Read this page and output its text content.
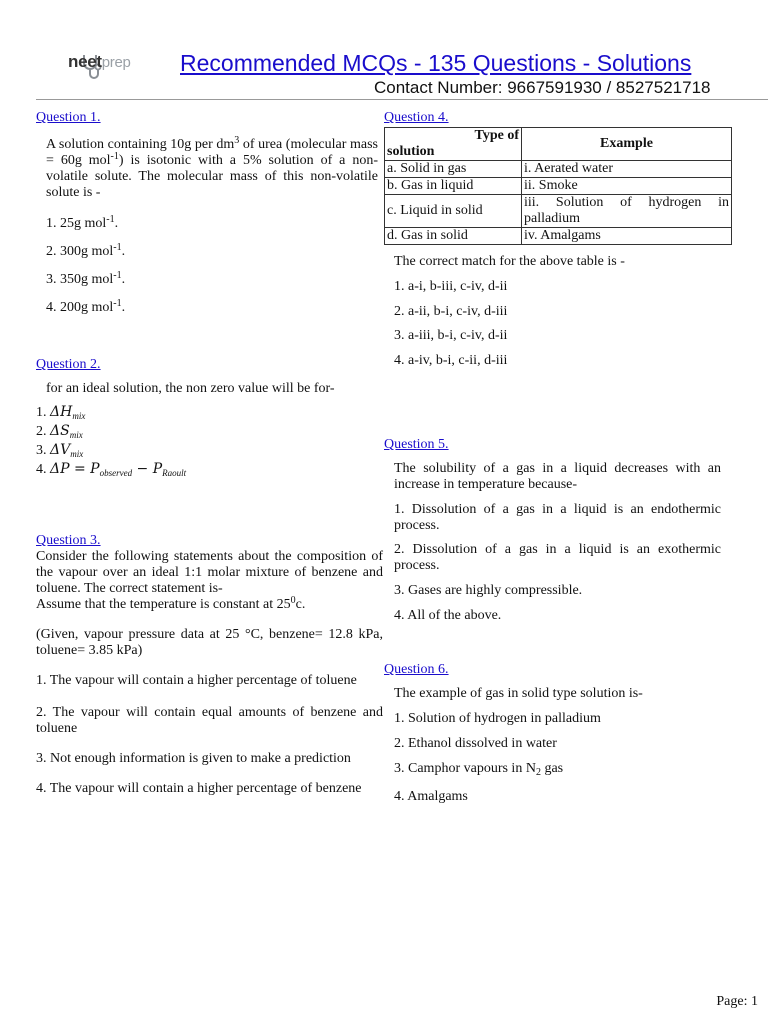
neetprep Recommended MCQs - 135 Questions - Solutions
Contact Number: 9667591930 / 8527521718
Question 1.
A solution containing 10g per $dm^3$ of urea (molecular mass = 60g mol$^{-1}$) is isotonic with a 5% solution of a non-volatile solute. The molecular mass of this non-volatile solute is -
1. 25g mol$^{-1}$.
2. 300g mol$^{-1}$.
3. 350g mol$^{-1}$.
4. 200g mol$^{-1}$.
Question 2.
for an ideal solution, the non zero value will be for-
1. $\Delta H_{mix}$
2. $\Delta S_{mix}$
3. $\Delta V_{mix}$
4. $\Delta P = P_{observed} - P_{Raoult}$
Question 3.
Consider the following statements about the composition of the vapour over an ideal 1:1 molar mixture of benzene and toluene. The correct statement is-
Assume that the temperature is constant at $25^0c$.
(Given, vapour pressure data at 25 °C, benzene= 12.8 kPa, toluene= 3.85 kPa)
1. The vapour will contain a higher percentage of toluene
2. The vapour will contain equal amounts of benzene and toluene
3. Not enough information is given to make a prediction
4. The vapour will contain a higher percentage of benzene
Question 4.
Type of
solution	Example
a. Solid in gas	i. Aerated water
b. Gas in liquid	ii. Smoke
c. Liquid in solid	iii. Solution of hydrogen in palladium
d. Gas in solid	iv. Amalgams
The correct match for the above table is -
1. a-i, b-iii, c-iv, d-ii
2. a-ii, b-i, c-iv, d-iii
3. a-iii, b-i, c-iv, d-ii
4. a-iv, b-i, c-ii, d-iii
Question 5.
The solubility of a gas in a liquid decreases with an increase in temperature because-
1. Dissolution of a gas in a liquid is an endothermic process.
2. Dissolution of a gas in a liquid is an exothermic process.
3. Gases are highly compressible.
4. All of the above.
Question 6.
The example of gas in solid type solution is-
1. Solution of hydrogen in palladium
2. Ethanol dissolved in water
3. Camphor vapours in $N_2$ gas
4. Amalgams
Page: 1
